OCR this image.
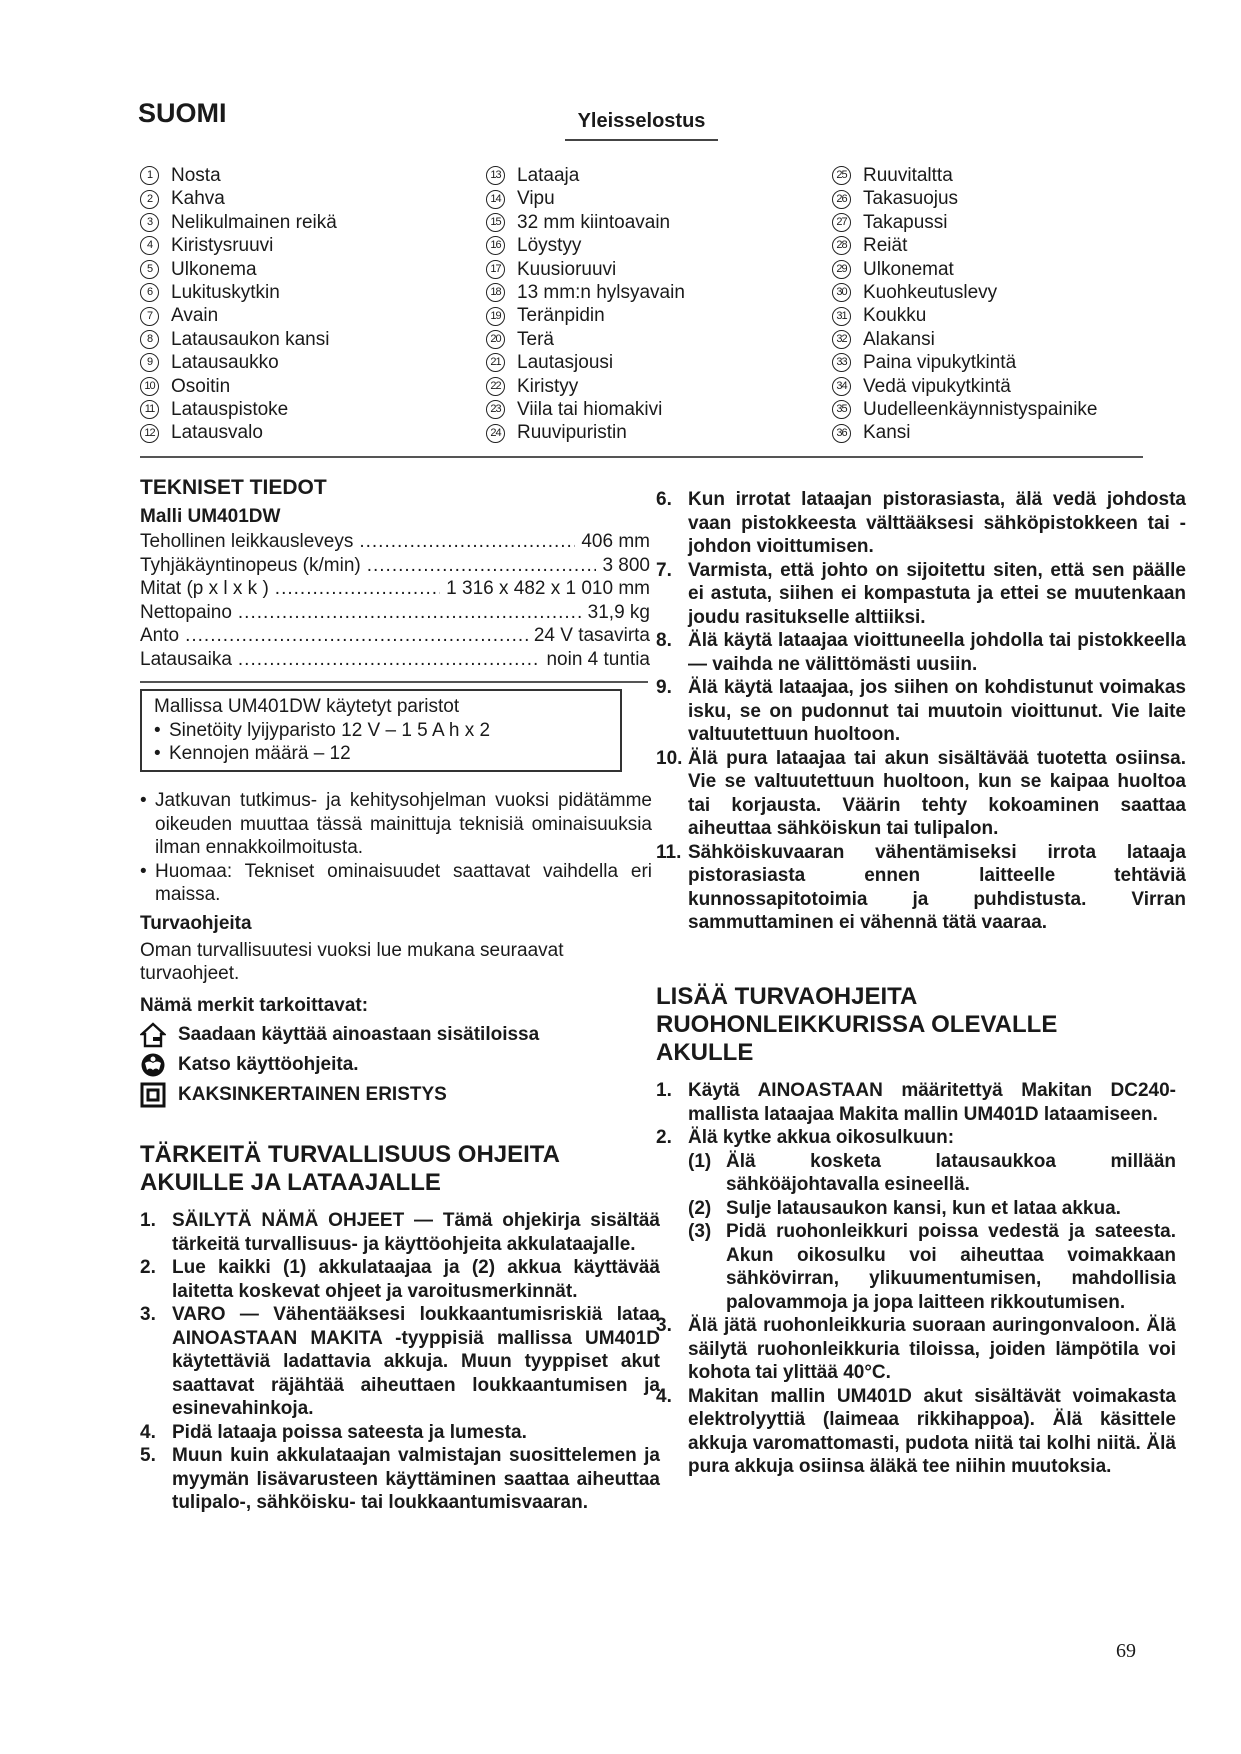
SUOMI	Yleisselostus
1 Nosta
2 Kahva
3 Nelikulmainen reikä
4 Kiristysruuvi
5 Ulkonema
6 Lukituskytkin
7 Avain
8 Latausaukon kansi
9 Latausaukko
10 Osoitin
11 Latauspistoke
12 Latausvalo
13 Lataaja
14 Vipu
15 32 mm kiintoavain
16 Löystyy
17 Kuusioruuvi
18 13 mm:n hylsyavain
19 Teränpidin
20 Terä
21 Lautasjousi
22 Kiristyy
23 Viila tai hiomakivi
24 Ruuvipuristin
25 Ruuvitaltta
26 Takasuojus
27 Takapussi
28 Reiät
29 Ulkonemat
30 Kuohkeutuslevy
31 Koukku
32 Alakansi
33 Paina vipukytkintä
34 Vedä vipukytkintä
35 Uudelleenkäynnistyspainike
36 Kansi
TEKNISET TIEDOT
Malli UM401DW
Tehollinen leikkausleveys .....	406 mm
Tyhjäkäyntinopeus (k/min) .....	3 800
Mitat (p x l x k ) .....	1 316 x 482 x 1 010 mm
Nettopaino .....	31,9 kg
Anto .....	24 V tasavirta
Latausaika .....	noin 4 tuntia
Mallissa UM401DW käytetyt paristot
• Sinetöity lyijyparisto 12 V – 1 5 A h x 2
• Kennojen määrä – 12
• Jatkuvan tutkimus- ja kehitysohjelman vuoksi pidätämme oikeuden muuttaa tässä mainittuja teknisiä ominaisuuksia ilman ennakkoilmoitusta.
• Huomaa: Tekniset ominaisuudet saattavat vaihdella eri maissa.
Turvaohjeita
Oman turvallisuutesi vuoksi lue mukana seuraavat turvaohjeet.
Nämä merkit tarkoittavat:
Saadaan käyttää ainoastaan sisätiloissa
Katso käyttöohjeita.
KAKSINKERTAINEN ERISTYS
TÄRKEITÄ TURVALLISUUS OHJEITA
AKUILLE JA LATAAJALLE
1. SÄILYTÄ NÄMÄ OHJEET — Tämä ohjekirja sisältää tärkeitä turvallisuus- ja käyttöohjeita akkulataajalle.
2. Lue kaikki (1) akkulataajaa ja (2) akkua käyttävää laitetta koskevat ohjeet ja varoitusmerkinnät.
3. VARO — Vähentääksesi loukkaantumisriskiä lataa AINOASTAAN MAKITA -tyyppisiä mallissa UM401D käytettäviä ladattavia akkuja. Muun tyyppiset akut saattavat räjähtää aiheuttaen loukkaantumisen ja esinevahinkoja.
4. Pidä lataaja poissa sateesta ja lumesta.
5. Muun kuin akkulataajan valmistajan suosittelemen ja myymän lisävarusteen käyttäminen saattaa aiheuttaa tulipalo-, sähköisku- tai loukkaantumisvaaran.
6. Kun irrotat lataajan pistorasiasta, älä vedä johdosta vaan pistokkeesta välttääksesi sähköpistokkeen tai -johdon vioittumisen.
7. Varmista, että johto on sijoitettu siten, että sen päälle ei astuta, siihen ei kompastuta ja ettei se muutenkaan joudu rasitukselle alttiiksi.
8. Älä käytä lataajaa vioittuneella johdolla tai pistokkeella — vaihda ne välittömästi uusiin.
9. Älä käytä lataajaa, jos siihen on kohdistunut voimakas isku, se on pudonnut tai muutoin vioittunut. Vie laite valtuutettuun huoltoon.
10. Älä pura lataajaa tai akun sisältävää tuotetta osiinsa. Vie se valtuutettuun huoltoon, kun se kaipaa huoltoa tai korjausta. Väärin tehty kokoaminen saattaa aiheuttaa sähköiskun tai tulipalon.
11. Sähköiskuvaaran vähentämiseksi irrota lataaja pistorasiasta ennen laitteelle tehtäviä kunnossapitotoimia ja puhdistusta. Virran sammuttaminen ei vähennä tätä vaaraa.
LISÄÄ TURVAOHJEITA
RUOHONLEIKKURISSA OLEVALLE
AKULLE
1. Käytä AINOASTAAN määritettyä Makitan DC240-mallista lataajaa Makita mallin UM401D lataamiseen.
2. Älä kytke akkua oikosulkuun:
(1) Älä kosketa latausaukkoa millään sähköäjohtavalla esineellä.
(2) Sulje latausaukon kansi, kun et lataa akkua.
(3) Pidä ruohonleikkuri poissa vedestä ja sateesta. Akun oikosulku voi aiheuttaa voimakkaan sähkövirran, ylikuumentumisen, mahdollisia palovammoja ja jopa laitteen rikkoutumisen.
3. Älä jätä ruohonleikkuria suoraan auringonvaloon. Älä säilytä ruohonleikkuria tiloissa, joiden lämpötila voi kohota tai ylittää 40°C.
4. Makitan mallin UM401D akut sisältävät voimakasta elektrolyyttiä (laimeaa rikkihappoa). Älä käsittele akkuja varomattomasti, pudota niitä tai kolhi niitä. Älä pura akkuja osiinsa äläkä tee niihin muutoksia.
69
